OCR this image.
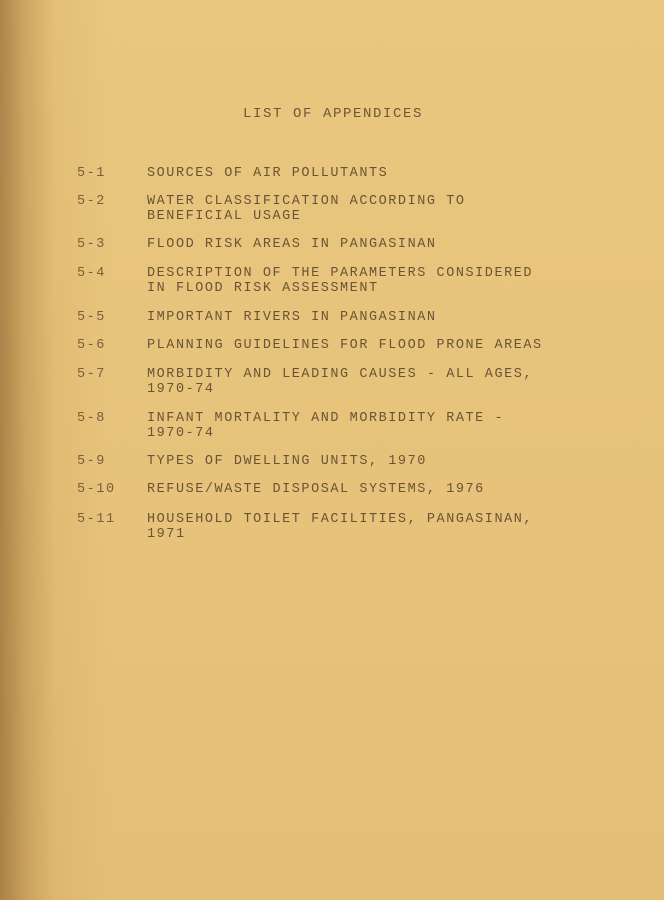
LIST OF APPENDICES
5-1	SOURCES OF AIR POLLUTANTS
5-2	WATER CLASSIFICATION ACCORDING TO
BENEFICIAL USAGE
5-3	FLOOD RISK AREAS IN PANGASINAN
5-4	DESCRIPTION OF THE PARAMETERS CONSIDERED
IN FLOOD RISK ASSESSMENT
5-5	IMPORTANT RIVERS IN PANGASINAN
5-6	PLANNING GUIDELINES FOR FLOOD PRONE AREAS
5-7	MORBIDITY AND LEADING CAUSES - ALL AGES,
1970-74
5-8	INFANT MORTALITY AND MORBIDITY RATE -
1970-74
5-9	TYPES OF DWELLING UNITS, 1970
5-10 REFUSE/WASTE DISPOSAL SYSTEMS, 1976
5-11 HOUSEHOLD TOILET FACILITIES, PANGASINAN,
1971
